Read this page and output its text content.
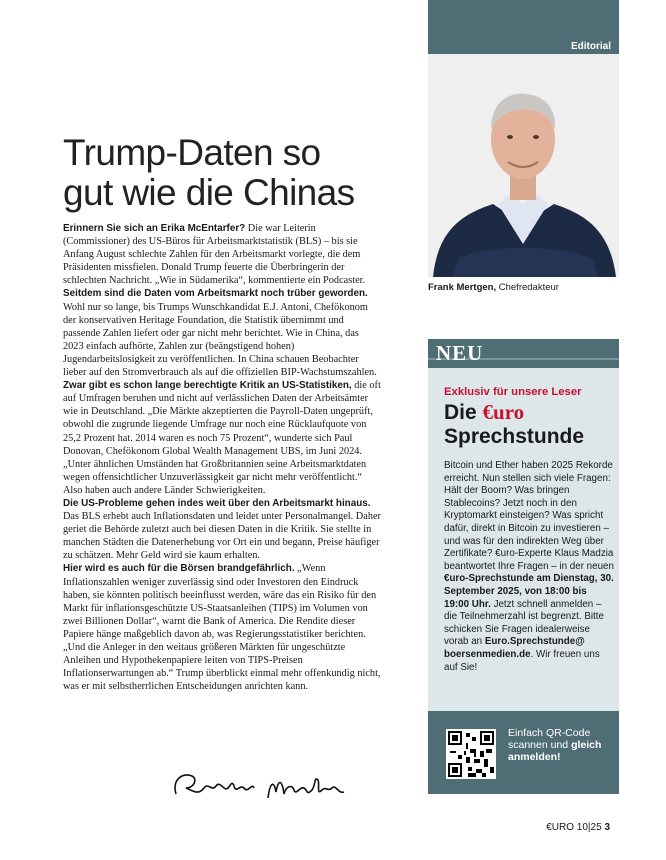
Editorial
Frank Mertgen, Chefredakteur
Trump-Daten so
gut wie die Chinas
Erinnern Sie sich an Erika McEntarfer? Die war Leiterin (Commissioner) des US-Büros für Arbeitsmarktstatistik (BLS) – bis sie Anfang August schlechte Zahlen für den Arbeitsmarkt vorlegte, die dem Präsidenten missfielen. Donald Trump feuerte die Überbringerin der schlechten Nachricht. „Wie in Südamerika“, kommentierte ein Podcaster.
Seitdem sind die Daten vom Arbeitsmarkt noch trüber geworden. Wohl nur so lange, bis Trumps Wunschkandidat E.J. Antoni, Chefökonom der konservativen Heritage Foundation, die Statistik übernimmt und passende Zahlen liefert oder gar nicht mehr berichtet. Wie in China, das 2023 einfach aufhörte, Zahlen zur (beängstigend hohen) Jugendarbeitslosigkeit zu veröffentlichen. In China schauen Beobachter lieber auf den Stromverbrauch als auf die offiziellen BIP-Wachstumszahlen.
Zwar gibt es schon lange berechtigte Kritik an US-Statistiken, die oft auf Umfragen beruhen und nicht auf verlässlichen Daten der Arbeitsämter wie in Deutschland. „Die Märkte akzeptierten die Payroll-Daten ungeprüft, obwohl die zugrunde liegende Umfrage nur noch eine Rücklaufquote von 25,2 Prozent hat. 2014 waren es noch 75 Prozent“, wunderte sich Paul Donovan, Chefökonom Global Wealth Management UBS, im Juni 2024. „Unter ähnlichen Umständen hat Großbritannien seine Arbeitsmarktdaten wegen offensichtlicher Unzuverlässigkeit gar nicht mehr veröffentlicht.“ Also haben auch andere Länder Schwierigkeiten.
Die US-Probleme gehen indes weit über den Arbeitsmarkt hinaus. Das BLS erhebt auch Inflationsdaten und leidet unter Personalmangel. Daher geriet die Behörde zuletzt auch bei diesen Daten in die Kritik. Sie stellte in manchen Städten die Datenerhebung vor Ort ein und begann, Preise häufiger zu schätzen. Mehr Geld wird sie kaum erhalten.
Hier wird es auch für die Börsen brandgefährlich. „Wenn Inflationszahlen weniger zuverlässig sind oder Investoren den Eindruck haben, sie könnten politisch beeinflusst werden, wäre das ein Risiko für den Markt für inflationsgeschützte US-Staatsanleihen (TIPS) im Volumen von zwei Billionen Dollar“, warnt die Bank of America. Die Rendite dieser Papiere hänge maßgeblich davon ab, was Regierungsstatistiker berichten. „Und die Anleger in den weitaus größeren Märkten für ungeschützte Anleihen und Hypothekenpapiere leiten von TIPS-Preisen Inflationserwartungen ab.“ Trump überblickt einmal mehr offenkundig nicht, was er mit selbstherrlichen Entscheidungen anrichten kann.
NEU
Exklusiv für unsere Leser
Die €uro
Sprechstunde
Bitcoin und Ether haben 2025 Rekorde erreicht. Nun stellen sich viele Fragen: Hält der Boom? Was bringen Stablecoins? Jetzt noch in den Kryptomarkt einsteigen? Was spricht dafür, direkt in Bitcoin zu investieren – und was für den indirekten Weg über Zertifikate? €uro-Experte Klaus Madzia beantwortet Ihre Fragen – in der neuen €uro-Sprechstunde am Dienstag, 30. September 2025, von 18:00 bis 19:00 Uhr. Jetzt schnell anmelden – die Teilnehmerzahl ist begrenzt. Bitte schicken Sie Fragen idealerweise vorab an Euro.Sprechstunde@ boersenmedien.de. Wir freuen uns auf Sie!
Einfach QR-Code scannen und gleich anmelden!
€URO 10|25 3
